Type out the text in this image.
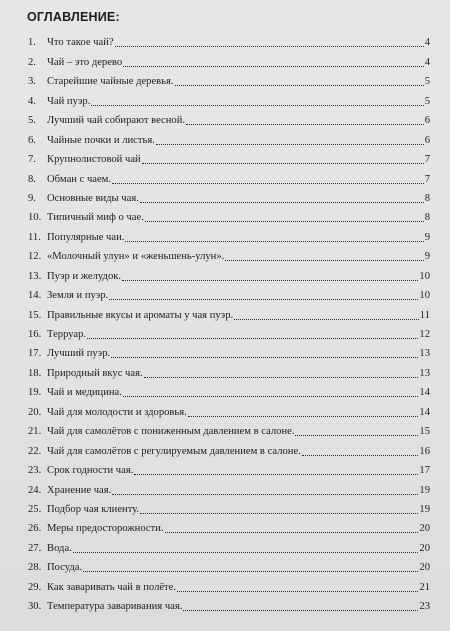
ОГЛАВЛЕНИЕ:
1.	Что такое чай?	4
2.	Чай – это дерево	4
3.	Старейшие чайные деревья.	5
4.	Чай пуэр.	5
5.	Лучший чай собирают весной.	6
6.	Чайные почки и листья.	6
7.	Крупнолистовой чай	7
8.	Обман с чаем.	7
9.	Основные виды чая.	8
10. Типичный миф о чае.	8
11. Популярные чаи.	9
12. «Молочный улун» и «женьшень-улун».	9
13. Пуэр и желудок.	10
14. Земля и пуэр.	10
15. Правильные вкусы и ароматы у чая пуэр.	11
16. Терруар.	12
17. Лучший пуэр.	13
18. Природный вкус чая.	13
19. Чай и медицина.	14
20. Чай для молодости и здоровья.	14
21. Чай для самолётов с пониженным давлением в салоне.	15
22. Чай для самолётов с регулируемым давлением в салоне.	16
23. Срок годности чая.	17
24. Хранение чая.	19
25. Подбор чая клиенту.	19
26. Меры предосторожности.	20
27. Вода.	20
28. Посуда.	20
29. Как заваривать чай в полёте.	21
30. Температура заваривания чая.	23
